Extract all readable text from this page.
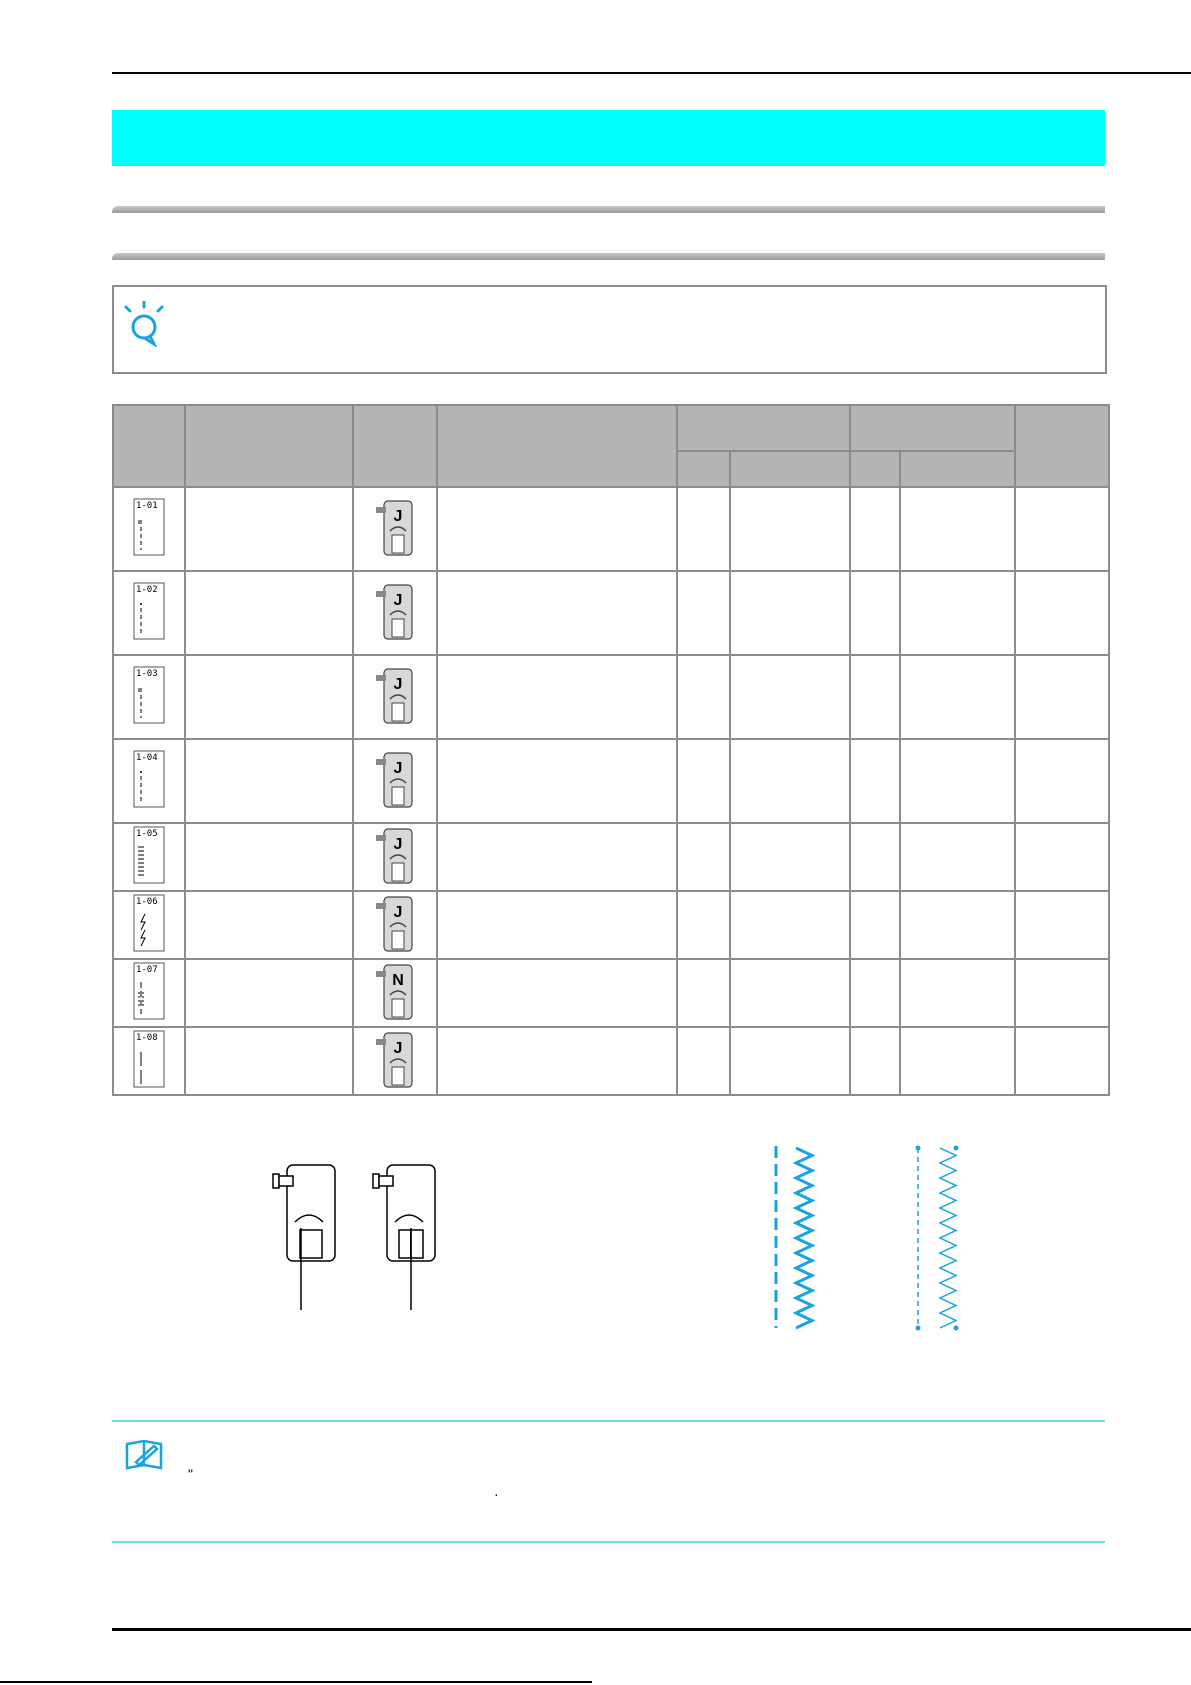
1-01		J						

1-02		J						

1-03		J						

1-04		J						

1-05		J						

1-06		J						

1-07		N						

1-08		J						

"
·
